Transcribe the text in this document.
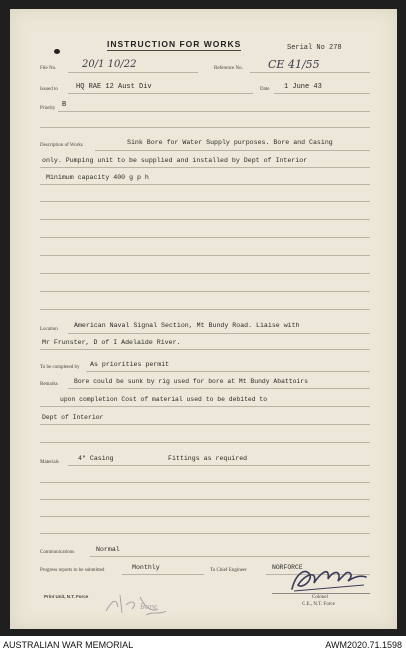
INSTRUCTION FOR WORKS	Serial No 278
File No.	20/1 10/22	Reference No. CE 41/55
Issued to	HQ RAE 12 Aust Div	Date 1 June 43
Priority B
Description of Works	Sink Bore for Water Supply purposes. Bore and Casing
only. Pumping unit to be supplied and installed by Dept of Interior
Minimum capacity 400 g p h
Location
American Naval Signal Section, Mt Bundy Road. Liaise with
Mr Frunster, D of I Adelaide River.
To be completed by As priorities permit
Remarks	Bore could be sunk by rig used for bore at Mt Bundy Abattoirs
upon completion Cost of material used to be debited to
Dept of Interior
Materials
4" Casing	Fittings as required
Communications	Normal
Progress reports to be submitted	Monthly	To Chief Engineer	NORFORCE
Colonel
C.E., N.T. Force
Print Unit, N.T. Force
Bore
AUSTRALIAN WAR MEMORIAL	AWM2020.71.1598
